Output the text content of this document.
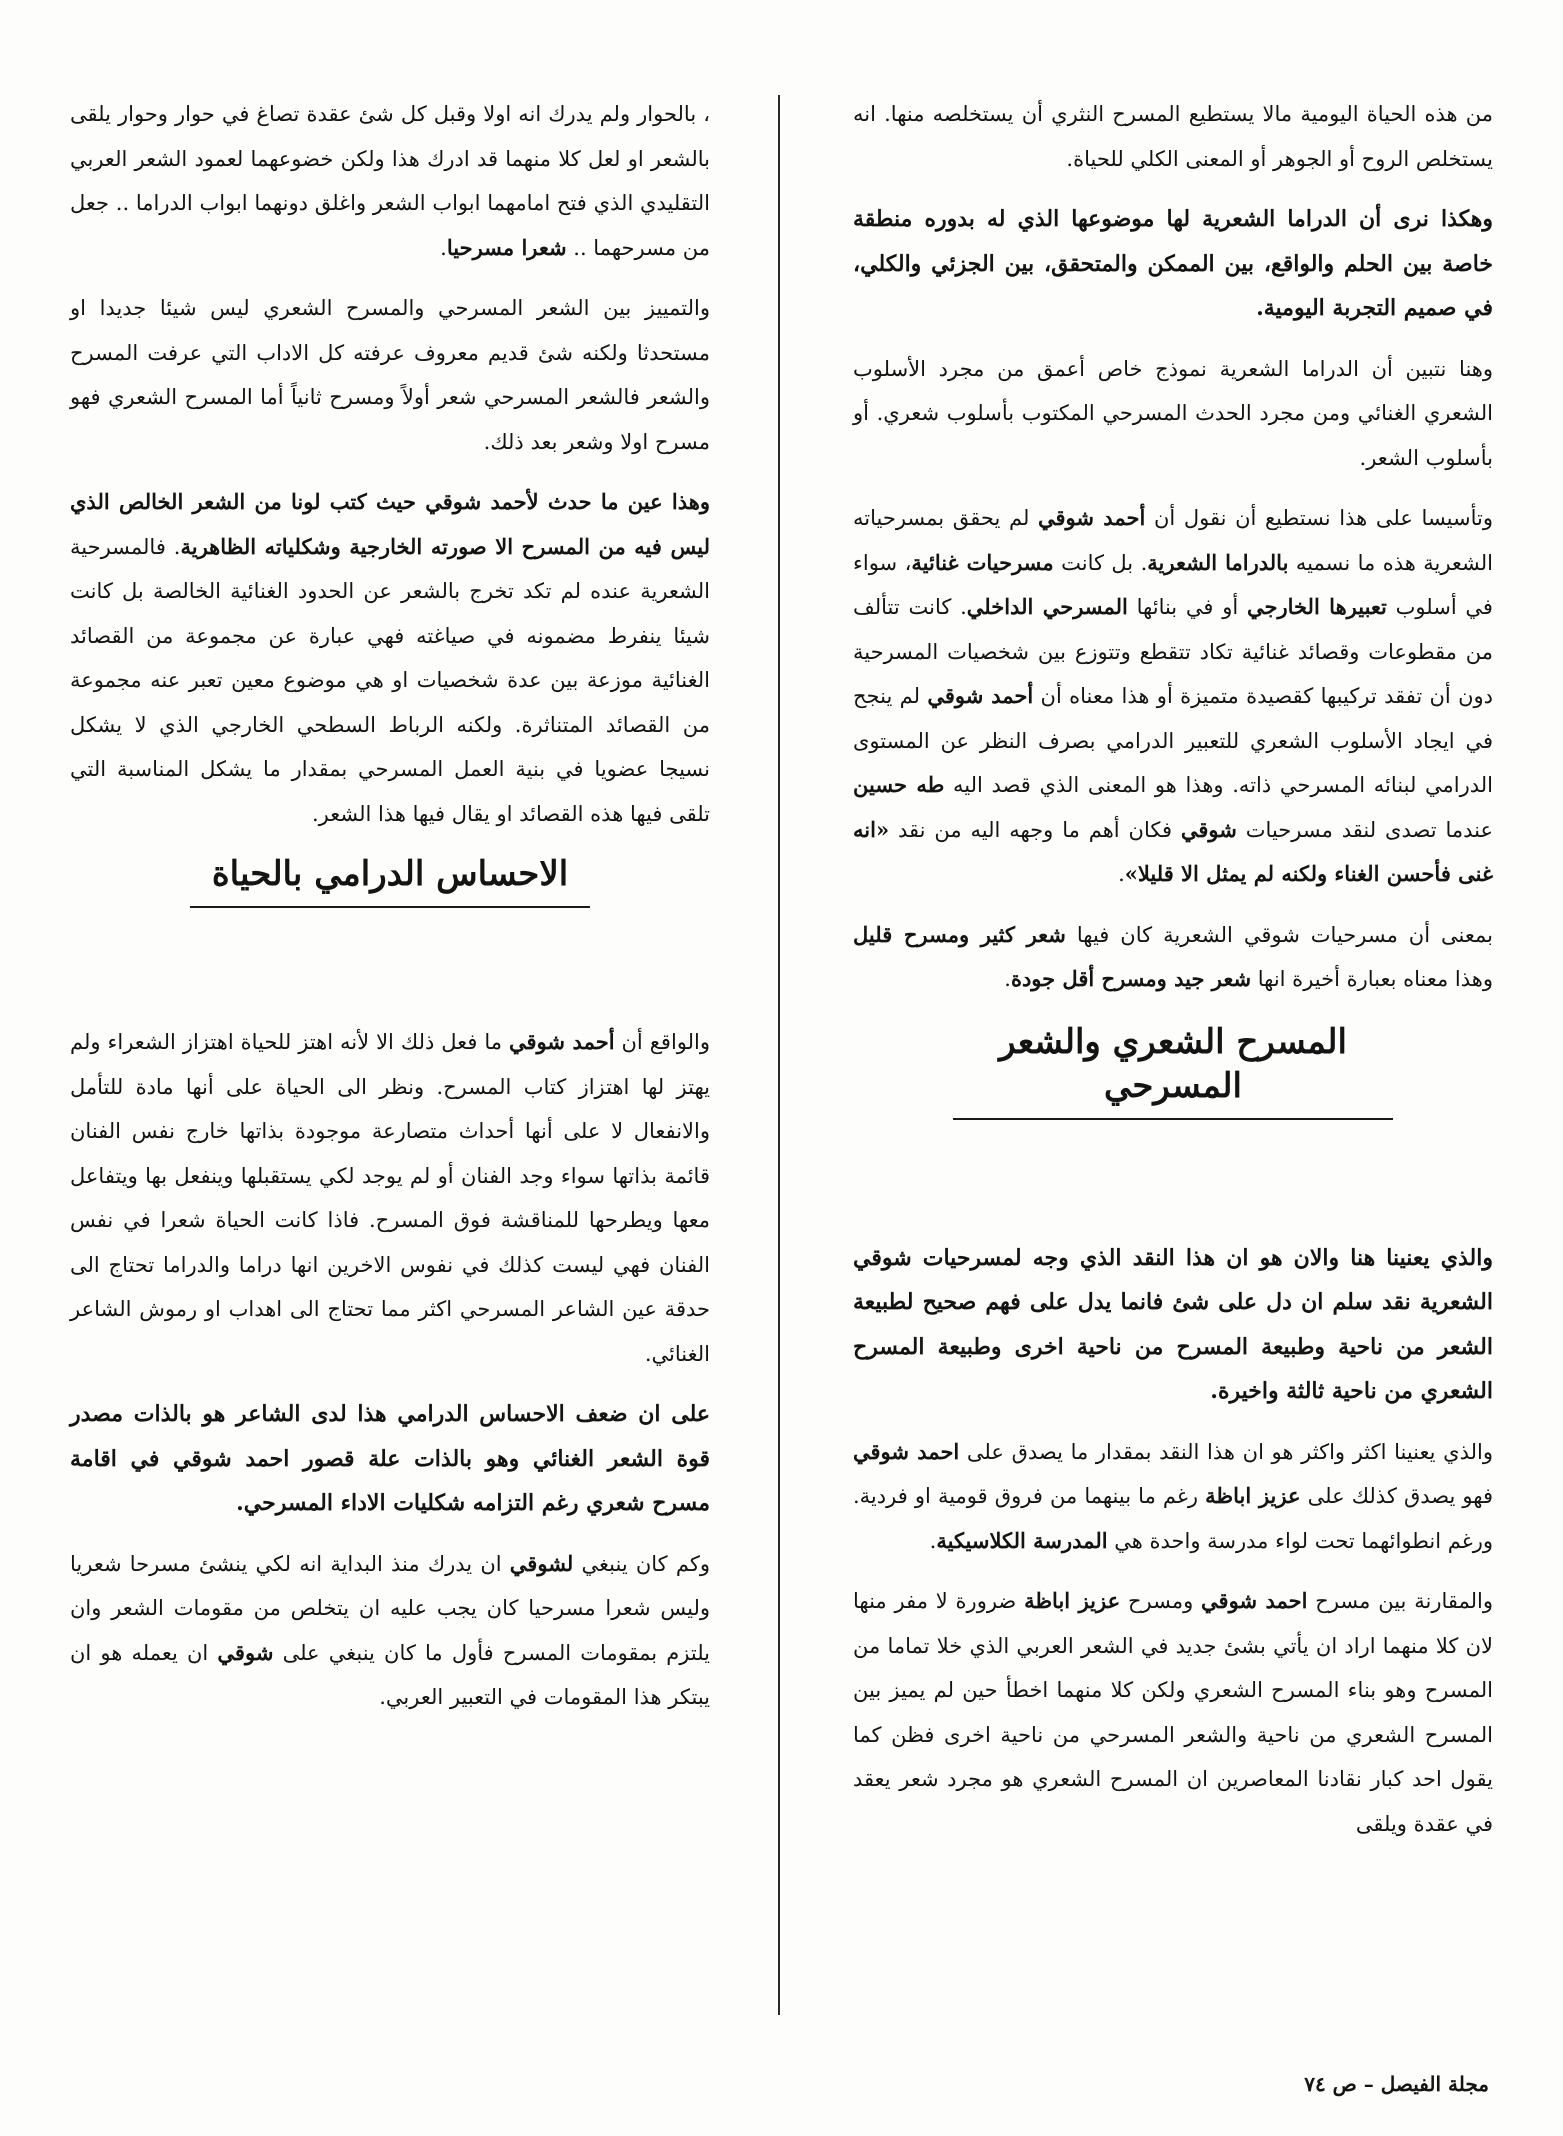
من هذه الحياة اليومية مالا يستطيع المسرح النثري أن يستخلصه منها. انه يستخلص الروح أو الجوهر أو المعنى الكلي للحياة.

وهكذا نرى أن الدراما الشعرية لها موضوعها الذي له بدوره منطقة خاصة بين الحلم والواقع، بين الممكن والمتحقق، بين الجزئي والكلي، في صميم التجربة اليومية.

وهنا نتبين أن الدراما الشعرية نموذج خاص أعمق من مجرد الأسلوب الشعري الغنائي ومن مجرد الحدث المسرحي المكتوب بأسلوب شعري. أو بأسلوب الشعر.

وتأسيسا على هذا نستطيع أن نقول أن أحمد شوقي لم يحقق بمسرحياته الشعرية هذه ما نسميه بالدراما الشعرية. بل كانت مسرحيات غنائية، سواء في أسلوب تعبيرها الخارجي أو في بنائها المسرحي الداخلي. كانت تتألف من مقطوعات وقصائد غنائية تكاد تتقطع وتتوزع بين شخصيات المسرحية دون أن تفقد تركيبها كقصيدة متميزة أو هذا معناه أن أحمد شوقي لم ينجح في ايجاد الأسلوب الشعري للتعبير الدرامي بصرف النظر عن المستوى الدرامي لبنائه المسرحي ذاته. وهذا هو المعنى الذي قصد اليه طه حسين عندما تصدى لنقد مسرحيات شوقي فكان أهم ما وجهه اليه من نقد «انه غنى فأحسن الغناء ولكنه لم يمثل الا قليلا».

بمعنى أن مسرحيات شوقي الشعرية كان فيها شعر كثير ومسرح قليل وهذا معناه بعبارة أخيرة انها شعر جيد ومسرح أقل جودة.

المسرح الشعري والشعر المسرحي

والذي يعنينا هنا والان هو ان هذا النقد الذي وجه لمسرحيات شوقي الشعرية نقد سلم ان دل على شئ فانما يدل على فهم صحيح لطبيعة الشعر من ناحية وطبيعة المسرح من ناحية اخرى وطبيعة المسرح الشعري من ناحية ثالثة واخيرة.

والذي يعنينا اكثر واكثر هو ان هذا النقد بمقدار ما يصدق على احمد شوقي فهو يصدق كذلك على عزيز اباظة رغم ما بينهما من فروق قومية او فردية. ورغم انطوائهما تحت لواء مدرسة واحدة هي المدرسة الكلاسيكية.

والمقارنة بين مسرح احمد شوقي ومسرح عزيز اباظة ضرورة لا مفر منها لان كلا منهما اراد ان يأتي بشئ جديد في الشعر العربي الذي خلا تماما من المسرح وهو بناء المسرح الشعري ولكن كلا منهما اخطأ حين لم يميز بين المسرح الشعري من ناحية والشعر المسرحي من ناحية اخرى فظن كما يقول احد كبار نقادنا المعاصرين ان المسرح الشعري هو مجرد شعر يعقد في عقدة ويلقى

، بالحوار ولم يدرك انه اولا وقبل كل شئ عقدة تصاغ في حوار وحوار يلقى بالشعر او لعل كلا منهما قد ادرك هذا ولكن خضوعهما لعمود الشعر العربي التقليدي الذي فتح امامهما ابواب الشعر واغلق دونهما ابواب الدراما .. جعل من مسرحهما .. شعرا مسرحيا.

والتمييز بين الشعر المسرحي والمسرح الشعري ليس شيئا جديدا او مستحدثا ولكنه شئ قديم معروف عرفته كل الاداب التي عرفت المسرح والشعر فالشعر المسرحي شعر أولاً ومسرح ثانياً أما المسرح الشعري فهو مسرح اولا وشعر بعد ذلك.

وهذا عين ما حدث لأحمد شوقي حيث كتب لونا من الشعر الخالص الذي ليس فيه من المسرح الا صورته الخارجية وشكلياته الظاهرية. فالمسرحية الشعرية عنده لم تكد تخرج بالشعر عن الحدود الغنائية الخالصة بل كانت شيئا ينفرط مضمونه في صياغته فهي عبارة عن مجموعة من القصائد الغنائية موزعة بين عدة شخصيات او هي موضوع معين تعبر عنه مجموعة من القصائد المتناثرة. ولكنه الرباط السطحي الخارجي الذي لا يشكل نسيجا عضويا في بنية العمل المسرحي بمقدار ما يشكل المناسبة التي تلقى فيها هذه القصائد او يقال فيها هذا الشعر.

الاحساس الدرامي بالحياة

والواقع أن أحمد شوقي ما فعل ذلك الا لأنه اهتز للحياة اهتزاز الشعراء ولم يهتز لها اهتزاز كتاب المسرح. ونظر الى الحياة على أنها مادة للتأمل والانفعال لا على أنها أحداث متصارعة موجودة بذاتها خارج نفس الفنان قائمة بذاتها سواء وجد الفنان أو لم يوجد لكي يستقبلها وينفعل بها ويتفاعل معها ويطرحها للمناقشة فوق المسرح. فاذا كانت الحياة شعرا في نفس الفنان فهي ليست كذلك في نفوس الاخرين انها دراما والدراما تحتاج الى حدقة عين الشاعر المسرحي اكثر مما تحتاج الى اهداب او رموش الشاعر الغنائي.

على ان ضعف الاحساس الدرامي هذا لدى الشاعر هو بالذات مصدر قوة الشعر الغنائي وهو بالذات علة قصور احمد شوقي في اقامة مسرح شعري رغم التزامه شكليات الاداء المسرحي.

وكم كان ينبغي لشوقي ان يدرك منذ البداية انه لكي ينشئ مسرحا شعريا وليس شعرا مسرحيا كان يجب عليه ان يتخلص من مقومات الشعر وان يلتزم بمقومات المسرح فأول ما كان ينبغي على شوقي ان يعمله هو ان يبتكر هذا المقومات في التعبير العربي.

مجلة الفيصل – ص ٧٤
